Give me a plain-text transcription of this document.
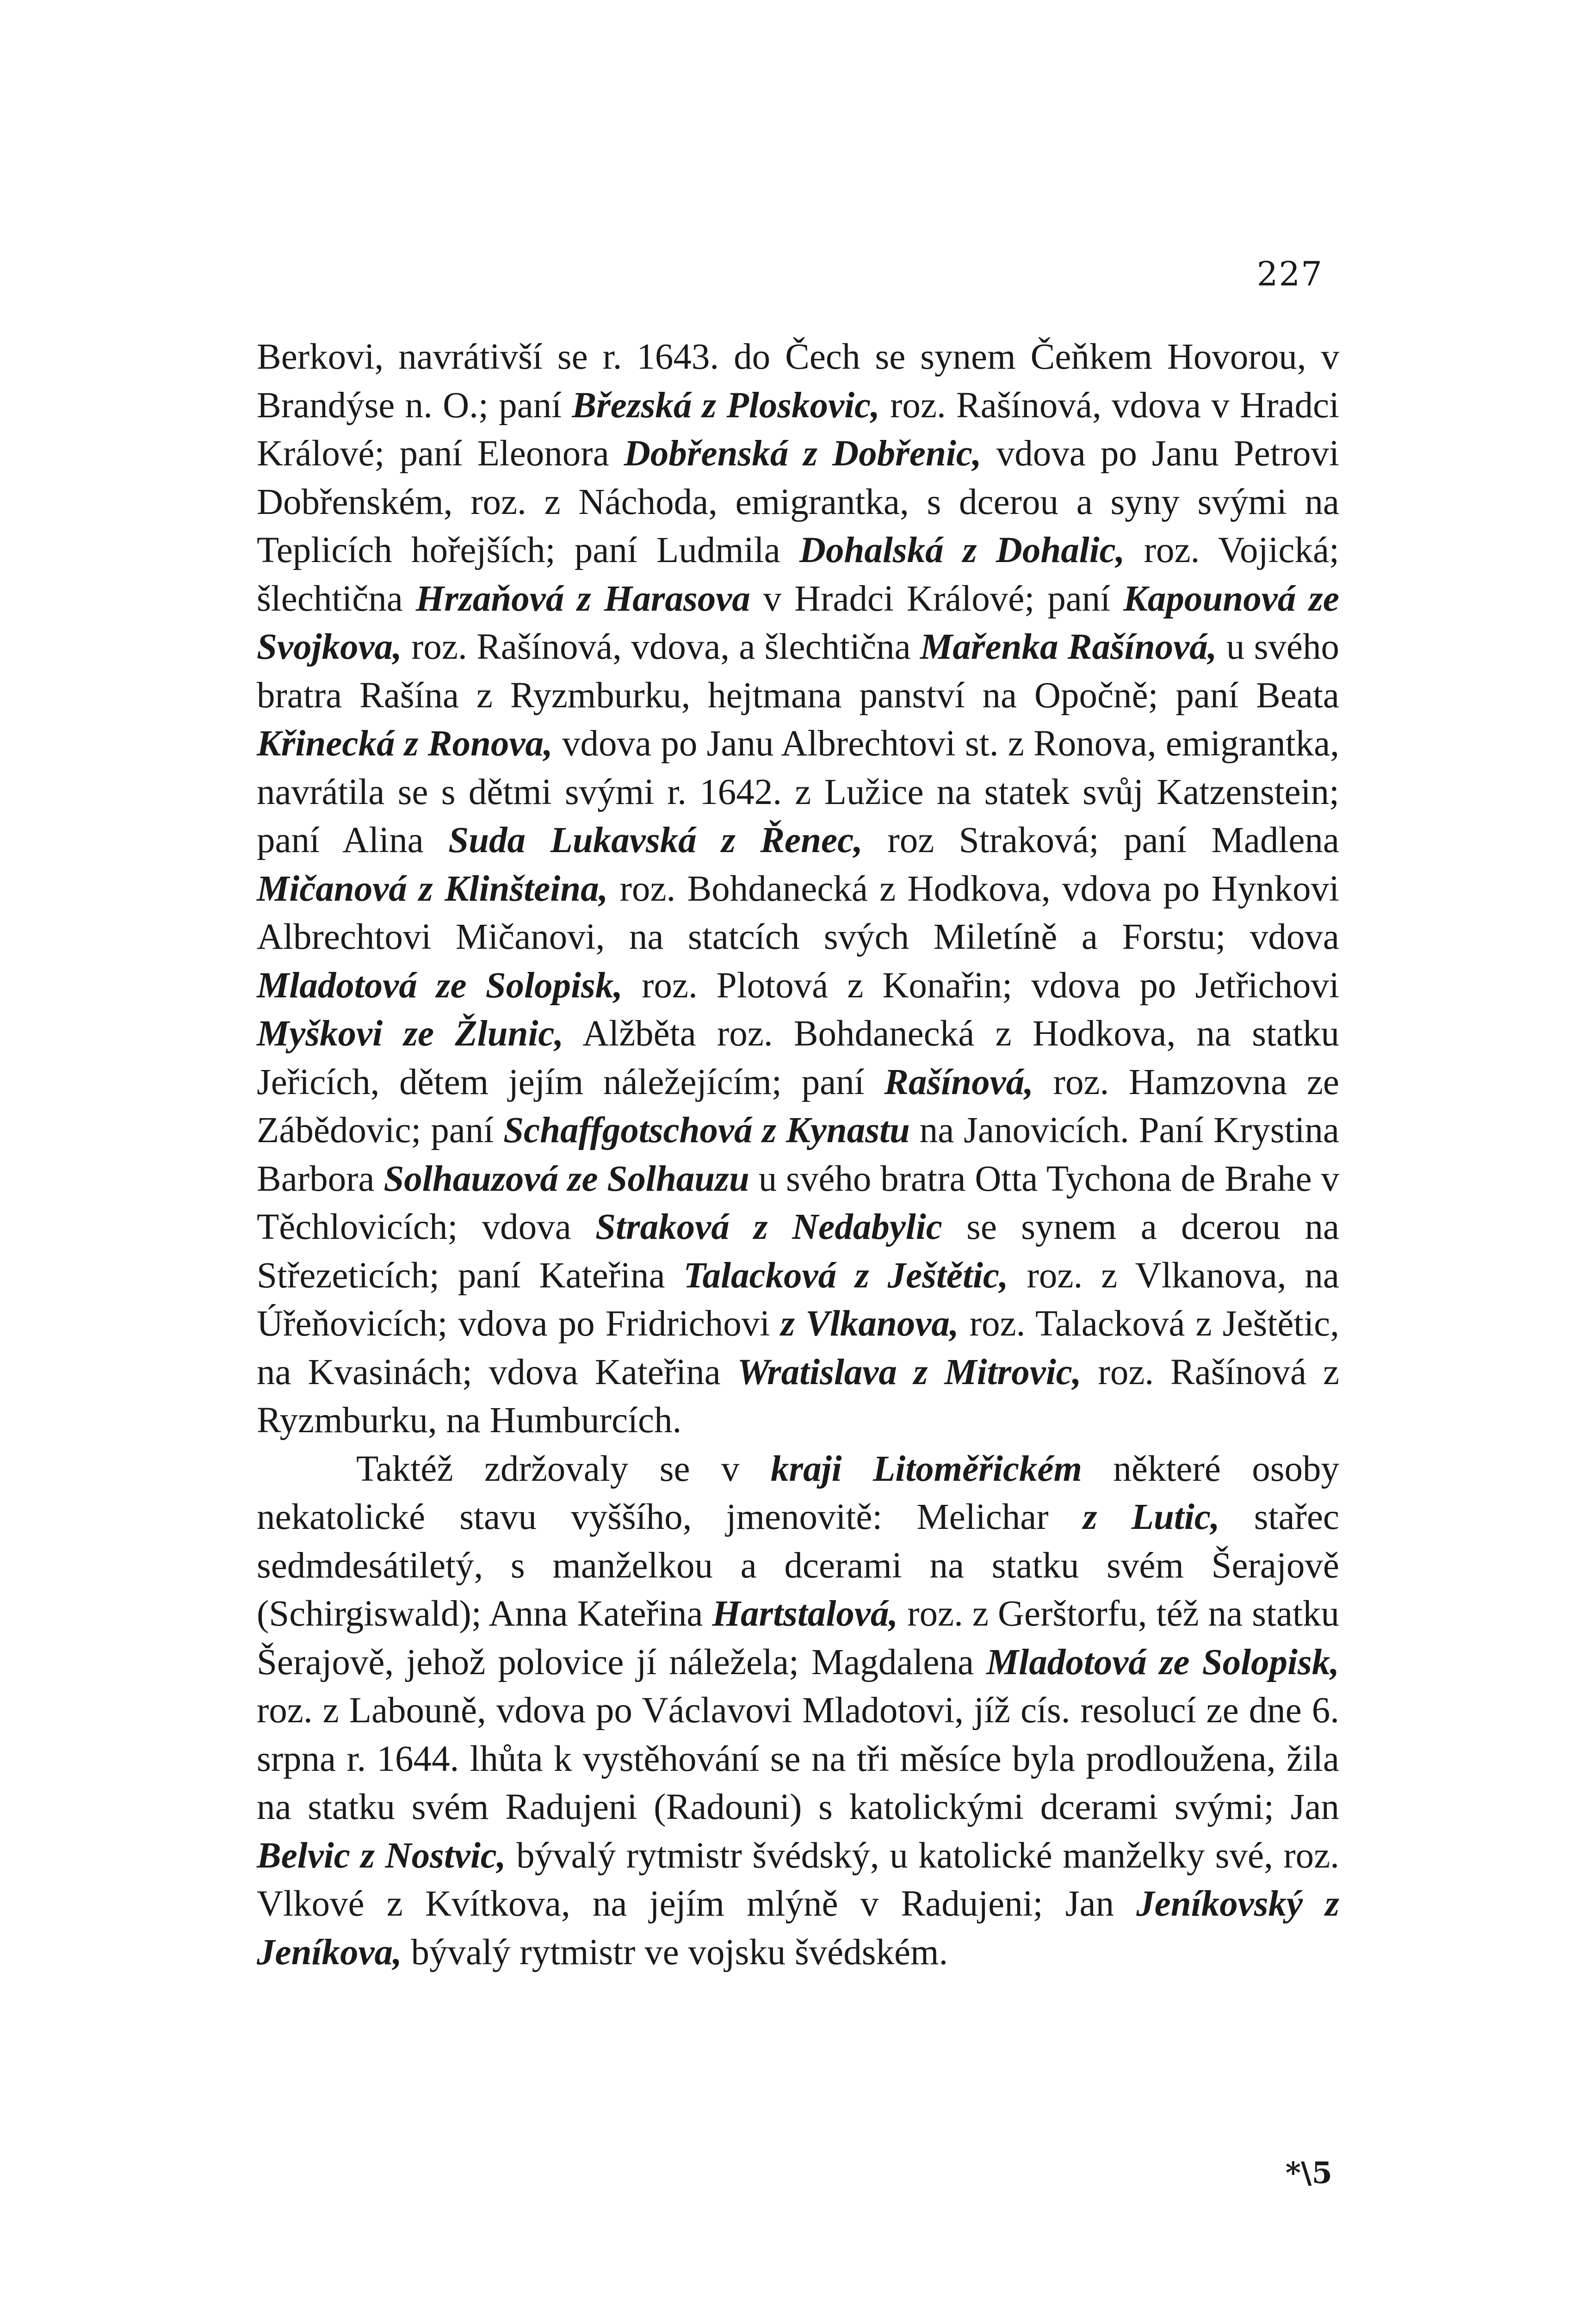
227

Berkovi, navrátivší se r. 1643. do Čech se synem Čeňkem Hovorou, v Brandýse n. O.; paní Březská z Ploskovic, roz. Rašínová, vdova v Hradci Králové; paní Eleonora Dobřenská z Dobřenic, vdova po Janu Petrovi Dobřenském, roz. z Náchoda, emigrantka, s dcerou a syny svými na Teplicích hořejších; paní Ludmila Dohalská z Dohalic, roz. Vojická; šlechtična Hrzaňová z Harasova v Hradci Králové; paní Kapounová ze Svojkova, roz. Rašínová, vdova, a šlechtična Mařenka Rašínová, u svého bratra Rašína z Ryzmburku, hejtmana panství na Opočně; paní Beata Křinecká z Ronova, vdova po Janu Albrechtovi st. z Ronova, emigrantka, navrátila se s dětmi svými r. 1642. z Lužice na statek svůj Katzenstein; paní Alina Suda Lukavská z Řenec, roz Straková; paní Madlena Mičanová z Klinšteina, roz. Bohdanecká z Hodkova, vdova po Hynkovi Albrechtovi Mičanovi, na statcích svých Miletíně a Forstu; vdova Mladotová ze Solopisk, roz. Plotová z Konařin; vdova po Jetřichovi Myškovi ze Žlunic, Alžběta roz. Bohdanecká z Hodkova, na statku Jeřicích, dětem jejím náležejícím; paní Rašínová, roz. Hamzovna ze Zábědovic; paní Schaffgotschová z Kynastu na Janovicích. Paní Krystina Barbora Solhauzová ze Solhauzu u svého bratra Otta Tychona de Brahe v Těchlovicích; vdova Straková z Nedabylic se synem a dcerou na Střezeticích; paní Kateřina Talacková z Ještětic, roz. z Vlkanova, na Úřeňovicích; vdova po Fridrichovi z Vlkanova, roz. Talacková z Ještětic, na Kvasinách; vdova Kateřina Wratislava z Mitrovic, roz. Rašínová z Ryzmburku, na Humburcích.

Taktéž zdržovaly se v kraji Litoměřickém některé osoby nekatolické stavu vyššího, jmenovitě: Melichar z Lutic, stařec sedmdesátiletý, s manželkou a dcerami na statku svém Šerajově (Schirgiswald); Anna Kateřina Hartstalová, roz. z Gerštorfu, též na statku Šerajově, jehož polovice jí náležela; Magdalena Mladotová ze Solopisk, roz. z Labouně, vdova po Václavovi Mladotovi, jíž cís. resolucí ze dne 6. srpna r. 1644. lhůta k vystěhování se na tři měsíce byla prodloužena, žila na statku svém Radujeni (Radouni) s katolickými dcerami svými; Jan Belvic z Nostvic, bývalý rytmistr švédský, u katolické manželky své, roz. Vlkové z Kvítkova, na jejím mlýně v Radujeni; Jan Jeníkovský z Jeníkova, bývalý rytmistr ve vojsku švédském.

*\5
